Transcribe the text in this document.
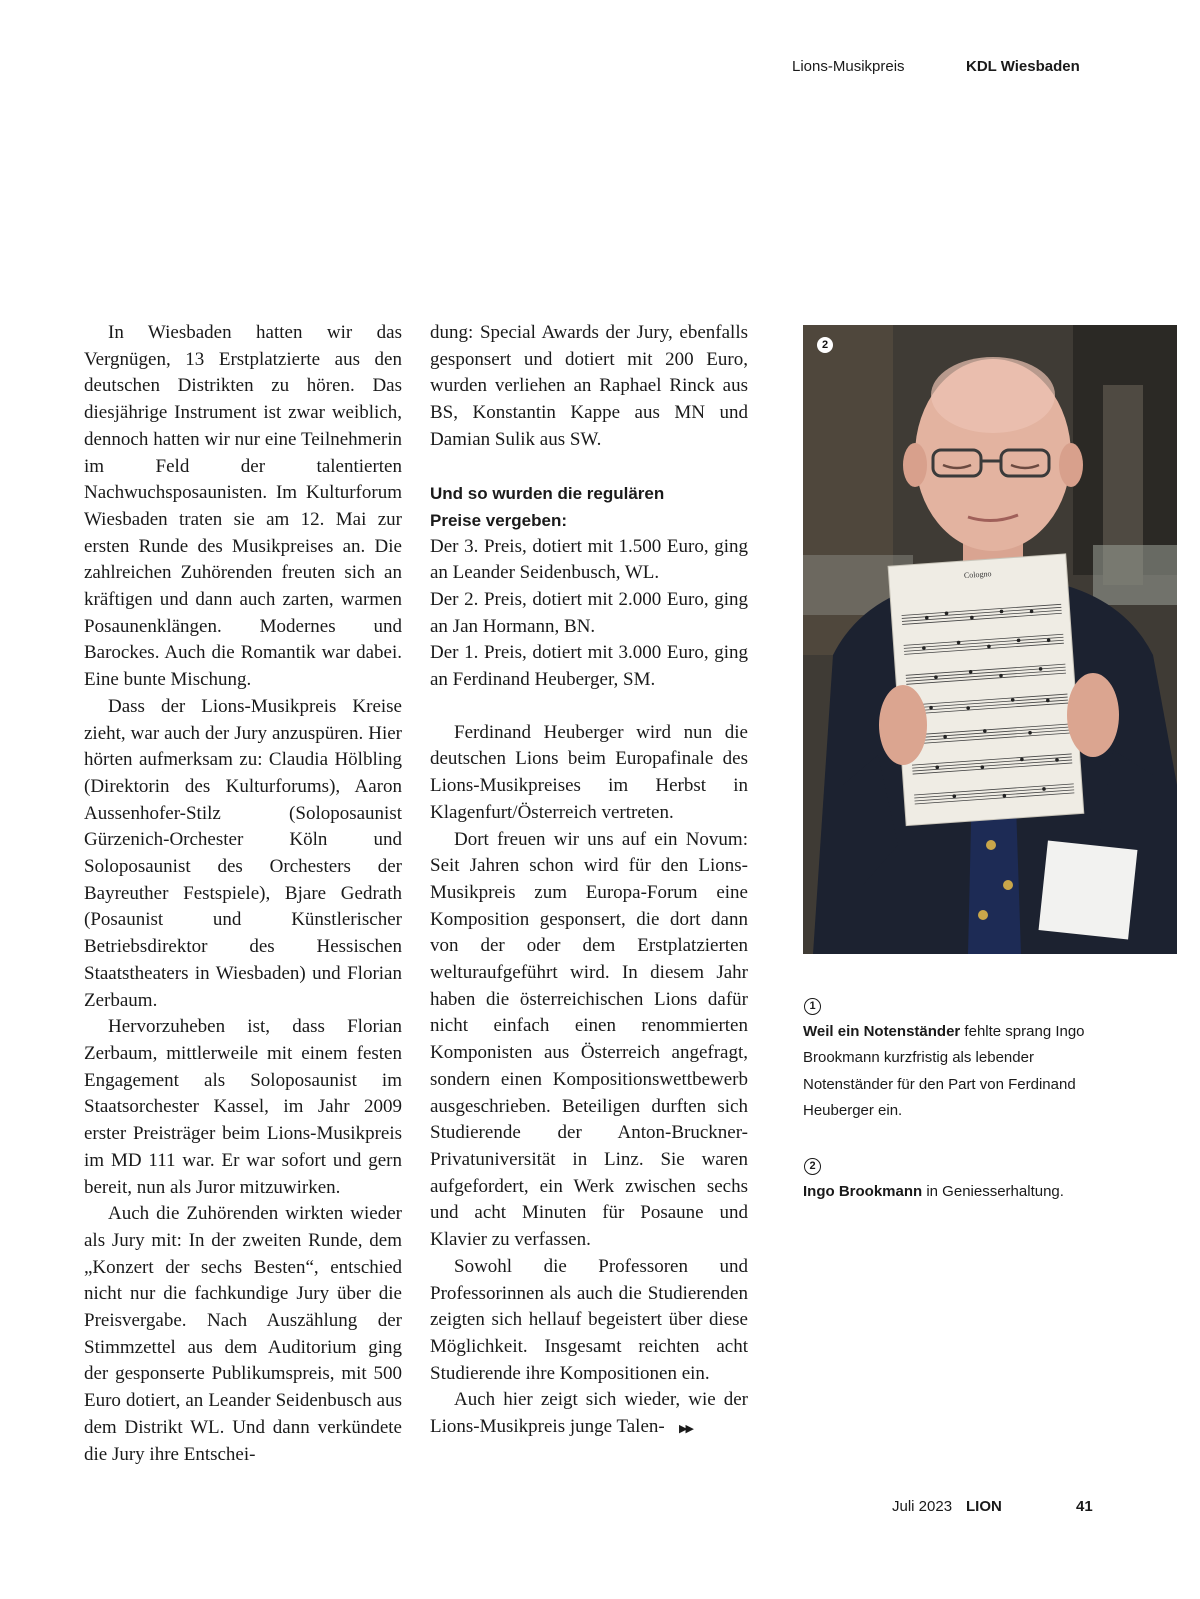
Lions-Musikpreis	KDL Wiesbaden

In Wiesbaden hatten wir das Vergnügen, 13 Erstplatzierte aus den deutschen Distrikten zu hören. Das diesjährige Instrument ist zwar weiblich, dennoch hatten wir nur eine Teilnehmerin im Feld der talentierten Nachwuchsposaunisten. Im Kulturforum Wiesbaden traten sie am 12. Mai zur ersten Runde des Musikpreises an. Die zahlreichen Zuhörenden freuten sich an kräftigen und dann auch zarten, warmen Posaunenklängen. Modernes und Barockes. Auch die Romantik war dabei. Eine bunte Mischung.

Dass der Lions-Musikpreis Kreise zieht, war auch der Jury anzuspüren. Hier hörten aufmerksam zu: Claudia Hölbling (Direktorin des Kulturforums), Aaron Aussenhofer-Stilz (Soloposaunist Gürzenich-Orchester Köln und Soloposaunist des Orchesters der Bayreuther Festspiele), Bjare Gedrath (Posaunist und Künstlerischer Betriebsdirektor des Hessischen Staatstheaters in Wiesbaden) und Florian Zerbaum.

Hervorzuheben ist, dass Florian Zerbaum, mittlerweile mit einem festen Engagement als Soloposaunist im Staatsorchester Kassel, im Jahr 2009 erster Preisträger beim Lions-Musikpreis im MD 111 war. Er war sofort und gern bereit, nun als Juror mitzuwirken.

Auch die Zuhörenden wirkten wieder als Jury mit: In der zweiten Runde, dem „Konzert der sechs Besten“, entschied nicht nur die fachkundige Jury über die Preisvergabe. Nach Auszählung der Stimmzettel aus dem Auditorium ging der gesponserte Publikumspreis, mit 500 Euro dotiert, an Leander Seidenbusch aus dem Distrikt WL. Und dann verkündete die Jury ihre Entschei-

dung: Special Awards der Jury, ebenfalls gesponsert und dotiert mit 200 Euro, wurden verliehen an Raphael Rinck aus BS, Konstantin Kappe aus MN und Damian Sulik aus SW.

Und so wurden die regulären
Preise vergeben:

Der 3. Preis, dotiert mit 1.500 Euro, ging an Leander Seidenbusch, WL.

Der 2. Preis, dotiert mit 2.000 Euro, ging an Jan Hormann, BN.

Der 1. Preis, dotiert mit 3.000 Euro, ging an Ferdinand Heuberger, SM.

Ferdinand Heuberger wird nun die deutschen Lions beim Europafinale des Lions-Musikpreises im Herbst in Klagenfurt/Österreich vertreten.

Dort freuen wir uns auf ein Novum: Seit Jahren schon wird für den Lions-Musikpreis zum Europa-Forum eine Komposition gesponsert, die dort dann von der oder dem Erstplatzierten welturaufgeführt wird. In diesem Jahr haben die österreichischen Lions dafür nicht einfach einen renommierten Komponisten aus Österreich angefragt, sondern einen Kompositionswettbewerb ausgeschrieben. Beteiligen durften sich Studierende der Anton-Bruckner-Privatuniversität in Linz. Sie waren aufgefordert, ein Werk zwischen sechs und acht Minuten für Posaune und Klavier zu verfassen.

Sowohl die Professoren und Professorinnen als auch die Studierenden zeigten sich hellauf begeistert über diese Möglichkeit. Insgesamt reichten acht Studierende ihre Kompositionen ein.

Auch hier zeigt sich wieder, wie der Lions-Musikpreis junge Talen- ▶▶

Cologno
2
1
Weil ein Notenständer fehlte sprang Ingo Brookmann kurzfristig als lebender Notenständer für den Part von Ferdinand Heuberger ein.
2
Ingo Brookmann in Geniesserhaltung.
Juli 2023 LION	41
